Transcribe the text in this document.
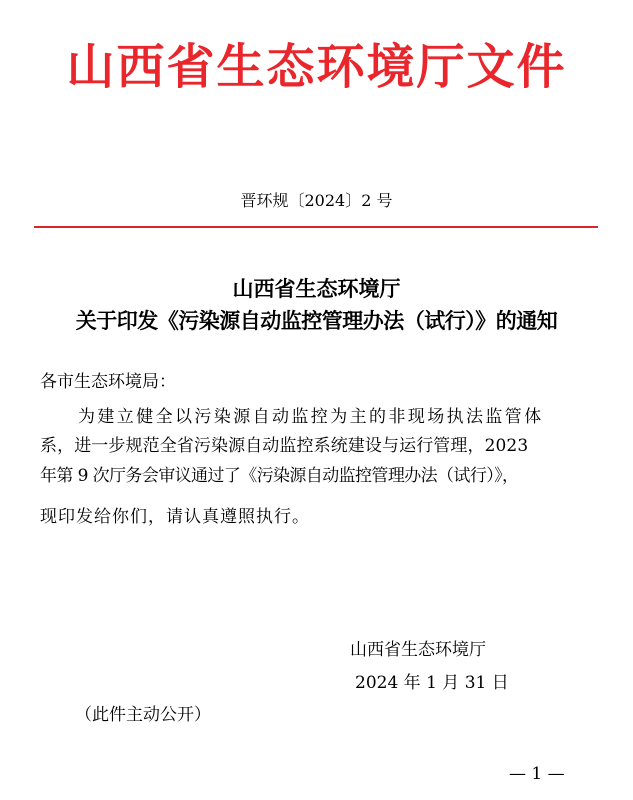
山西省生态环境厅文件
晋环规〔2024〕2 号
山西省生态环境厅
关于印发《污染源自动监控管理办法（试行）》的通知
各市生态环境局：
为建立健全以污染源自动监控为主的非现场执法监管体
系，进一步规范全省污染源自动监控系统建设与运行管理，2023
年第 9 次厅务会审议通过了《污染源自动监控管理办法（试行）》，
现印发给你们，请认真遵照执行。
山西省生态环境厅
2024 年 1 月 31 日
（此件主动公开）
— 1 —
